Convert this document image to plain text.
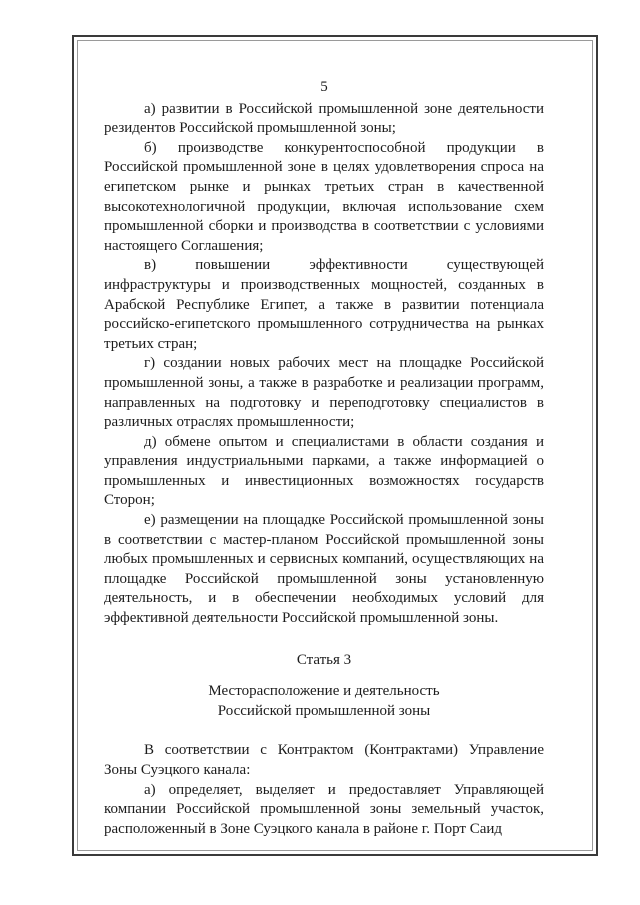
5

а) развитии в Российской промышленной зоне деятельности резидентов Российской промышленной зоны;

б) производстве конкурентоспособной продукции в Российской промышленной зоне в целях удовлетворения спроса на египетском рынке и рынках третьих стран в качественной высокотехнологичной продукции, включая использование схем промышленной сборки и производства в соответствии с условиями настоящего Соглашения;

в)	повышении эффективности существующей инфраструктуры и производственных мощностей, созданных в Арабской Республике Египет, а также в развитии потенциала российско-египетского промышленного сотрудничества на рынках третьих стран;

г) создании новых рабочих мест на площадке Российской промышленной зоны, а также в разработке и реализации программ, направленных на подготовку и переподготовку специалистов в различных отраслях промышленности;

д) обмене опытом и специалистами в области создания и управления индустриальными парками, а также информацией о промышленных и инвестиционных возможностях государств Сторон;

е) размещении на площадке Российской промышленной зоны в соответствии с мастер-планом Российской промышленной зоны любых промышленных и сервисных компаний, осуществляющих на площадке Российской промышленной зоны установленную деятельность, и в обеспечении необходимых условий для эффективной деятельности Российской промышленной зоны.

Статья 3
Месторасположение и деятельность
Российской промышленной зоны

В соответствии с Контрактом (Контрактами) Управление Зоны Суэцкого канала:

а) определяет, выделяет и предоставляет Управляющей компании Российской промышленной зоны земельный участок, расположенный в Зоне Суэцкого канала в районе г. Порт Саид
